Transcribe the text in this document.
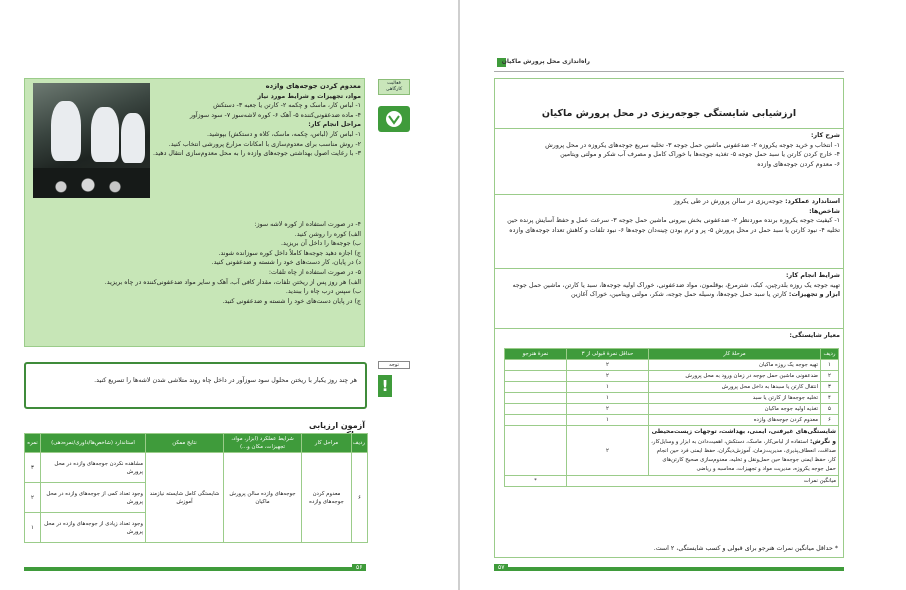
معدوم کردن جوجه‌های وازده
مواد، تجهیزات و شرایط مورد نیاز
۱- لباس کار، ماسک و چکمه ۲- کارتن یا جعبه ۳- دستکش
۴- ماده ضدعفونی‌کننده ۵- آهک ۶- کوره لاشه‌سوز ۷- سود سوزآور
مراحل انجام کار:
۱- لباس کار (لباس، چکمه، ماسک، کلاه و دستکش) بپوشید.
۲- روش مناسب برای معدوم‌سازی با امکانات مزارع پرورشی انتخاب کنید.
۳- با رعایت اصول بهداشتی جوجه‌های وازده را به محل معدوم‌سازی انتقال دهید.
۴- در صورت استفاده از کوره لاشه سوز:
الف) کوره را روشن کنید.
ب) جوجه‌ها را داخل آن بریزید.
ج) اجازه دهید جوجه‌ها کاملاً داخل کوره سوزانده شوند.
د) در پایان، کار دست‌های خود را شسته و ضدعفونی کنید.
۵- در صورت استفاده از چاه تلفات:
الف) هر روز پس از ریختن تلفات، مقدار کافی آب، آهک و سایر مواد ضدعفونی‌کننده در چاه بریزید.
ب) سپس درب چاه را ببندید.
ج) در پایان دست‌های خود را شسته و ضدعفونی کنید.
فعالیت کارگاهی
توجه
!
هر چند روز یکبار با ریختن محلول سود سوزآور در داخل چاه روند متلاشی شدن لاشه‌ها را تسریع کنید.
آزمون ارزیابی
ردیف	مراحل کار	شرایط عملکرد (ابزار، مواد، تجهیزات، مکان و...)	نتایج ممکن	استاندارد (شاخص‌ها/داوری/نمره‌دهی)	نمره
۶	معدوم کردن جوجه‌های وازده	جوجه‌های وازده سالن پرورش ماکیان	شایستگی کامل شایسته نیازمند آموزش	مشاهده نکردن جوجه‌های وازده در محل پرورش	۳
				وجود تعداد کمی از جوجه‌های وازده در محل پرورش	۲
				وجود تعداد زیادی از جوجه‌های وازده در محل پرورش	۱
۵۶
راه‌اندازی محل پرورش ماکیان
ارزشیابی شایستگی جوجه‌ریزی در محل پرورش ماکیان
شرح کار:
۱- انتخاب و خرید جوجه یکروزه ۲- ضدعفونی ماشین حمل جوجه ۳- تخلیه سریع جوجه‌های یکروزه در محل پرورش
۴- خارج کردن کارتن یا سبد حمل جوجه ۵- تغذیه جوجه‌ها با خوراک کامل و مصرف آب شکر و مولتی ویتامین
۶- معدوم کردن جوجه‌های وازده
استاندارد عملکرد: جوجه‌ریزی در سالن پرورش در طی یکروز
شاخص‌ها:
۱- کیفیت جوجه یکروزه برنده موردنظر ۲- ضدعفونی بخش بیرونی ماشین حمل جوجه ۳- سرعت عمل و حفظ آسایش پرنده حین تخلیه ۴- نبود کارتن یا سبد حمل در محل پرورش ۵- پر و ترم بودن چینه‌دان جوجه‌ها ۶- نبود تلفات و کاهش تعداد جوجه‌های وازده
شرایط انجام کار:
تهیه جوجه یک روزه بلدرچین، کبک، شترمرغ، بوقلمون، مواد ضدعفونی، خوراک اولیه جوجه‌ها، سبد یا کارتن، ماشین حمل جوجه
ابزار و تجهیزات: کارتن یا سبد حمل جوجه‌ها، وسیله حمل جوجه، شکر، مولتی ویتامین، خوراک آغازین
معیار شایستگی:
ردیف	مرحلهٔ کار	حداقل نمرهٔ قبولی از ۳	نمرهٔ هنرجو
۱	تهیه جوجه یک روزه ماکیان	۲	
۲	ضدعفونی ماشین حمل جوجه در زمان ورود به محل پرورش	۲	
۳	انتقال کارتن یا سبدها به داخل محل پرورش	۱	
۴	تخلیه جوجه‌ها از کارتن یا سبد	۱	
۵	تغذیه اولیه جوجه ماکیان	۲	
۶	معدوم کردن جوجه‌های وازده	۱	
شایستگی‌های غیرفنی، ایمنی، بهداشت، توجهات زیست‌محیطی و نگرش: استفاده از لباس‌کار، ماسک، دستکش، اهمیت‌دادن به ابزار و وسایل‌کار، صداقت، انعطاف‌پذیری، مدیریت‌زمان، آموزش‌دیگران، حفظ ایمنی فرد حین انجام کار، حفظ ایمنی جوجه‌ها حین حمل‌ونقل و تخلیه، معدوم‌سازی صحیح کارتن‌های حمل جوجه یکروزه، مدیریت مواد و تجهیزات، محاسبه و ریاضی		۲	
میانگین نمرات			*
* حداقل میانگین نمرات هنرجو برای قبولی و کسب شایستگی، ۲ است.
۵۷
